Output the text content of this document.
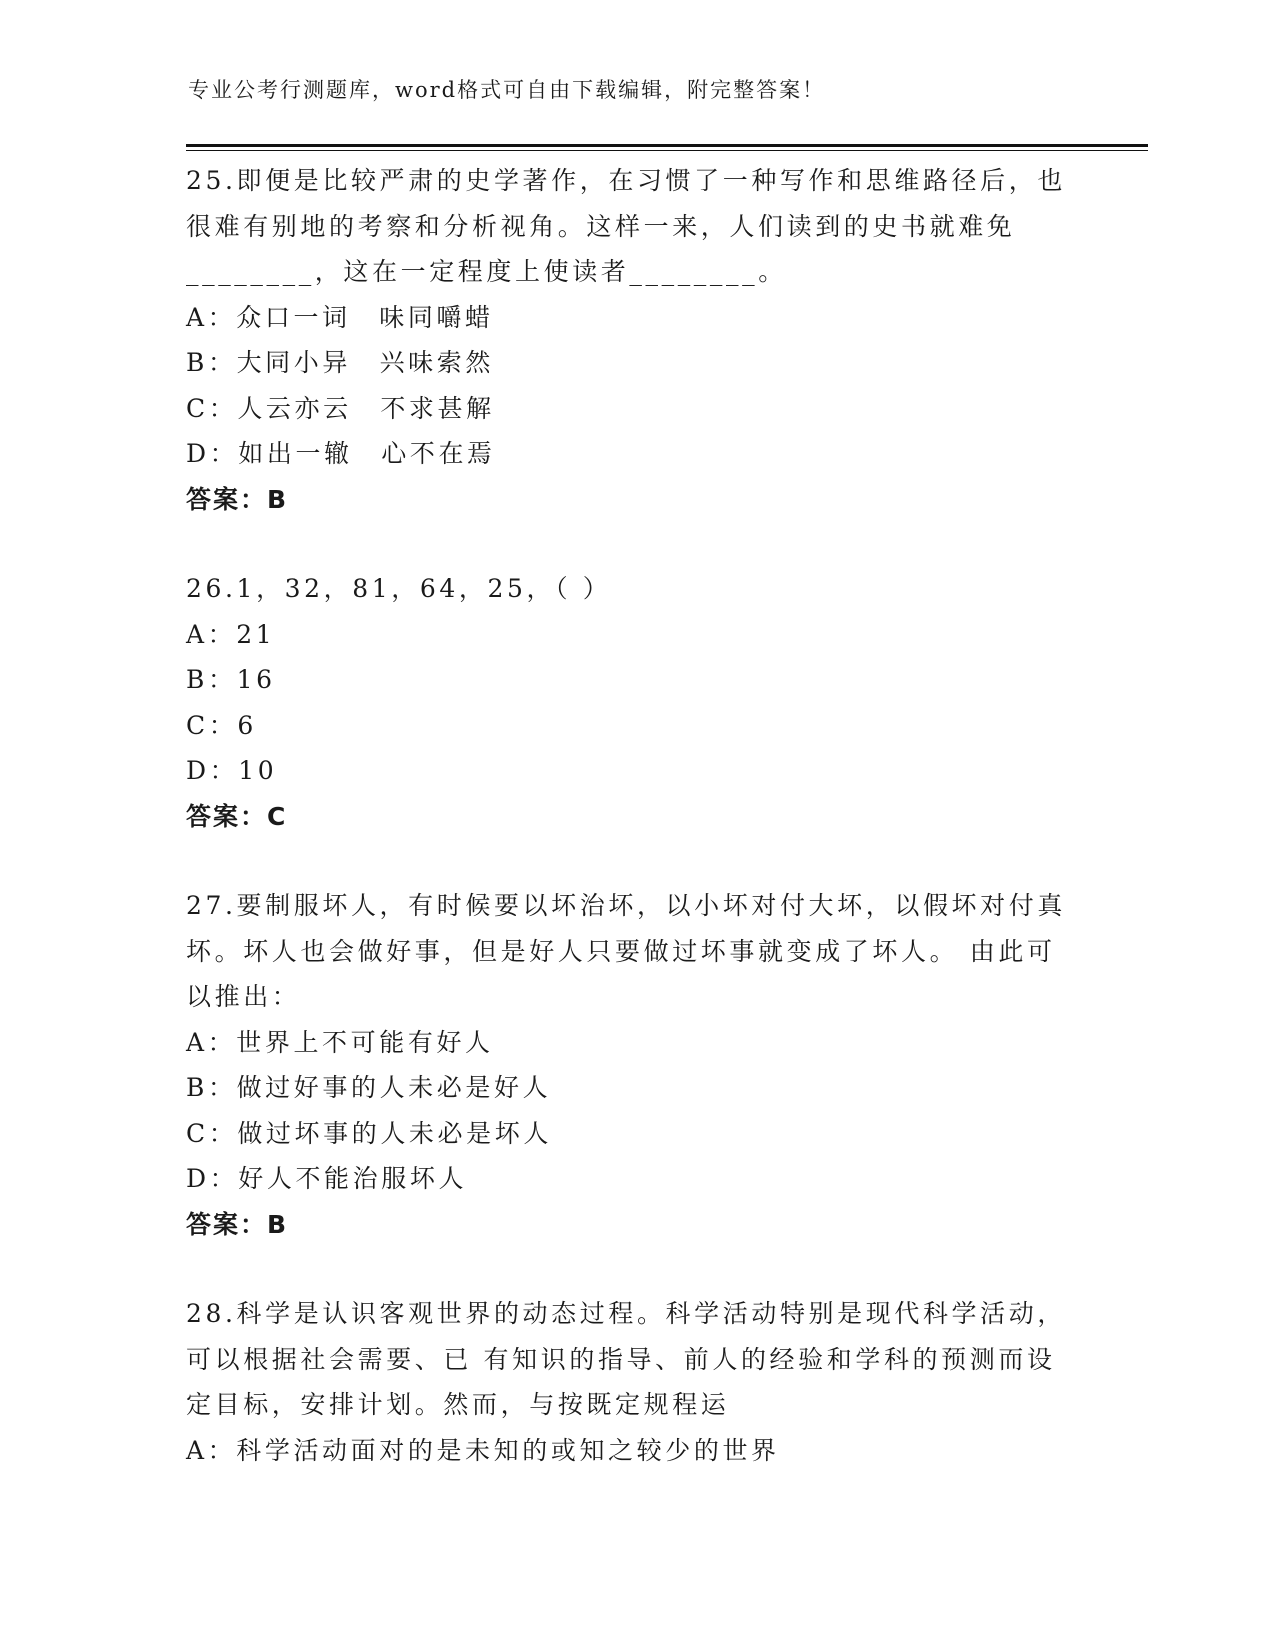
专业公考行测题库，word格式可自由下载编辑，附完整答案！
25.即便是比较严肃的史学著作，在习惯了一种写作和思维路径后，也
很难有别地的考察和分析视角。这样一来，人们读到的史书就难免
________，这在一定程度上使读者________。
A：众口一词　味同嚼蜡
B：大同小异　兴味索然
C：人云亦云　不求甚解
D：如出一辙　心不在焉
答案：B
26.1，32，81，64，25，（ ）
A：21
B：16
C：6
D：10
答案：C
27.要制服坏人，有时候要以坏治坏，以小坏对付大坏，以假坏对付真
坏。坏人也会做好事，但是好人只要做过坏事就变成了坏人。 由此可
以推出：
A：世界上不可能有好人
B：做过好事的人未必是好人
C：做过坏事的人未必是坏人
D：好人不能治服坏人
答案：B
28.科学是认识客观世界的动态过程。科学活动特别是现代科学活动，
可以根据社会需要、已 有知识的指导、前人的经验和学科的预测而设
定目标，安排计划。然而，与按既定规程运
A：科学活动面对的是未知的或知之较少的世界
